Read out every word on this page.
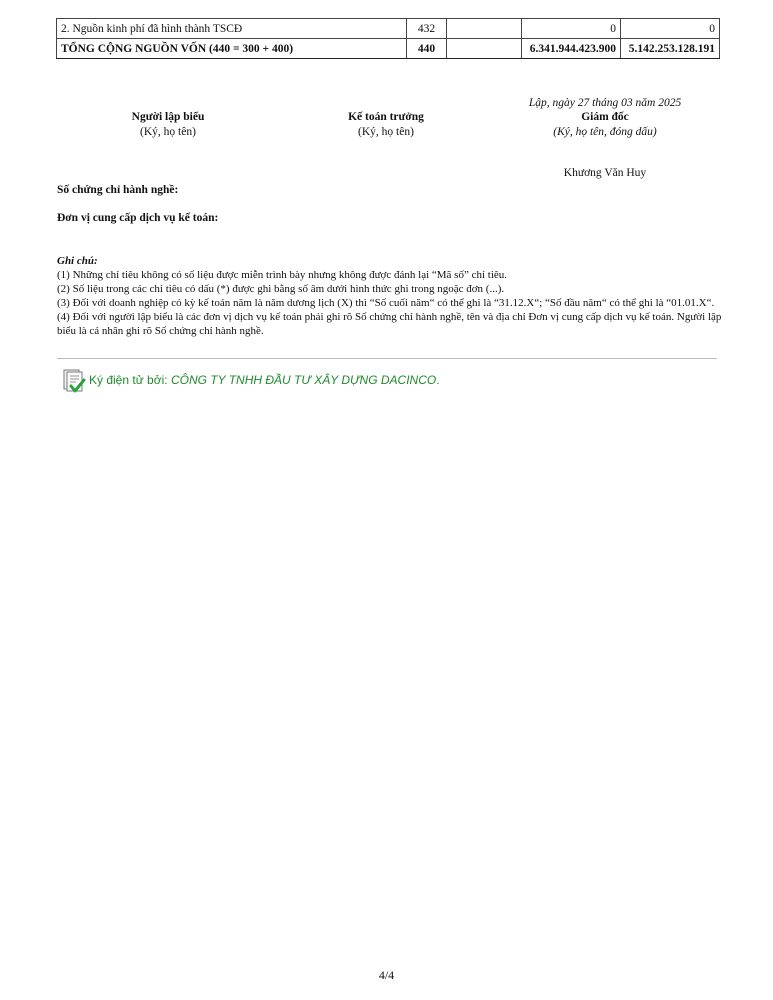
2. Nguồn kinh phí đã hình thành TSCĐ	432		0	0
TỔNG CỘNG NGUỒN VỐN (440 = 300 + 400)	440		6.341.944.423.900	5.142.253.128.191
Lập, ngày 27 tháng 03 năm 2025
Người lập biểu
(Ký, họ tên)
Kế toán trưởng
(Ký, họ tên)
Giám đốc
(Ký, họ tên, đóng dấu)
Khương Văn Huy
Số chứng chỉ hành nghề:
Đơn vị cung cấp dịch vụ kế toán:
Ghi chú:
(1) Những chỉ tiêu không có số liệu được miễn trình bày nhưng không được đánh lại “Mã số” chỉ tiêu.
(2) Số liệu trong các chỉ tiêu có dấu (*) được ghi bằng số âm dưới hình thức ghi trong ngoặc đơn (...).
(3) Đối với doanh nghiệp có kỳ kế toán năm là năm dương lịch (X) thì “Số cuối năm“ có thể ghi là “31.12.X“; “Số đầu năm“ có thể ghi là “01.01.X“.
(4) Đối với người lập biểu là các đơn vị dịch vụ kế toán phải ghi rõ Số chứng chỉ hành nghề, tên và địa chỉ Đơn vị cung cấp dịch vụ kế toán. Người lập biểu là cá nhân ghi rõ Số chứng chỉ hành nghề.
Ký điện tử bởi: CÔNG TY TNHH ĐẦU TƯ XÂY DỰNG DACINCO.
4/4
